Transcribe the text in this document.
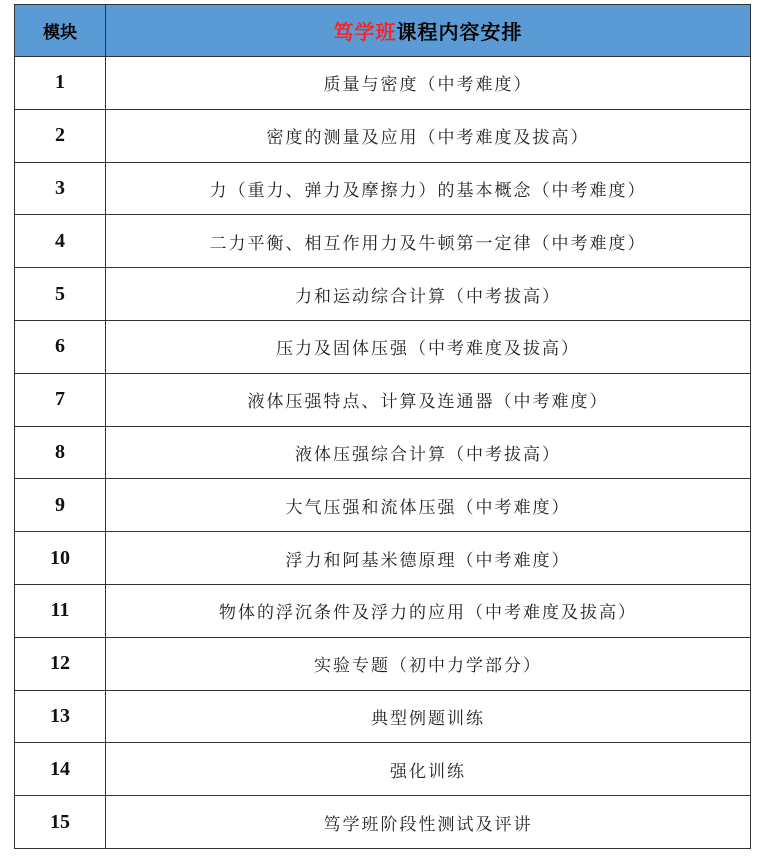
模块	笃学班课程内容安排
1	质量与密度（中考难度）
2	密度的测量及应用（中考难度及拔高）
3	力（重力、弹力及摩擦力）的基本概念（中考难度）
4	二力平衡、相互作用力及牛顿第一定律（中考难度）
5	力和运动综合计算（中考拔高）
6	压力及固体压强（中考难度及拔高）
7	液体压强特点、计算及连通器（中考难度）
8	液体压强综合计算（中考拔高）
9	大气压强和流体压强（中考难度）
10	浮力和阿基米德原理（中考难度）
11	物体的浮沉条件及浮力的应用（中考难度及拔高）
12	实验专题（初中力学部分）
13	典型例题训练
14	强化训练
15	笃学班阶段性测试及评讲
